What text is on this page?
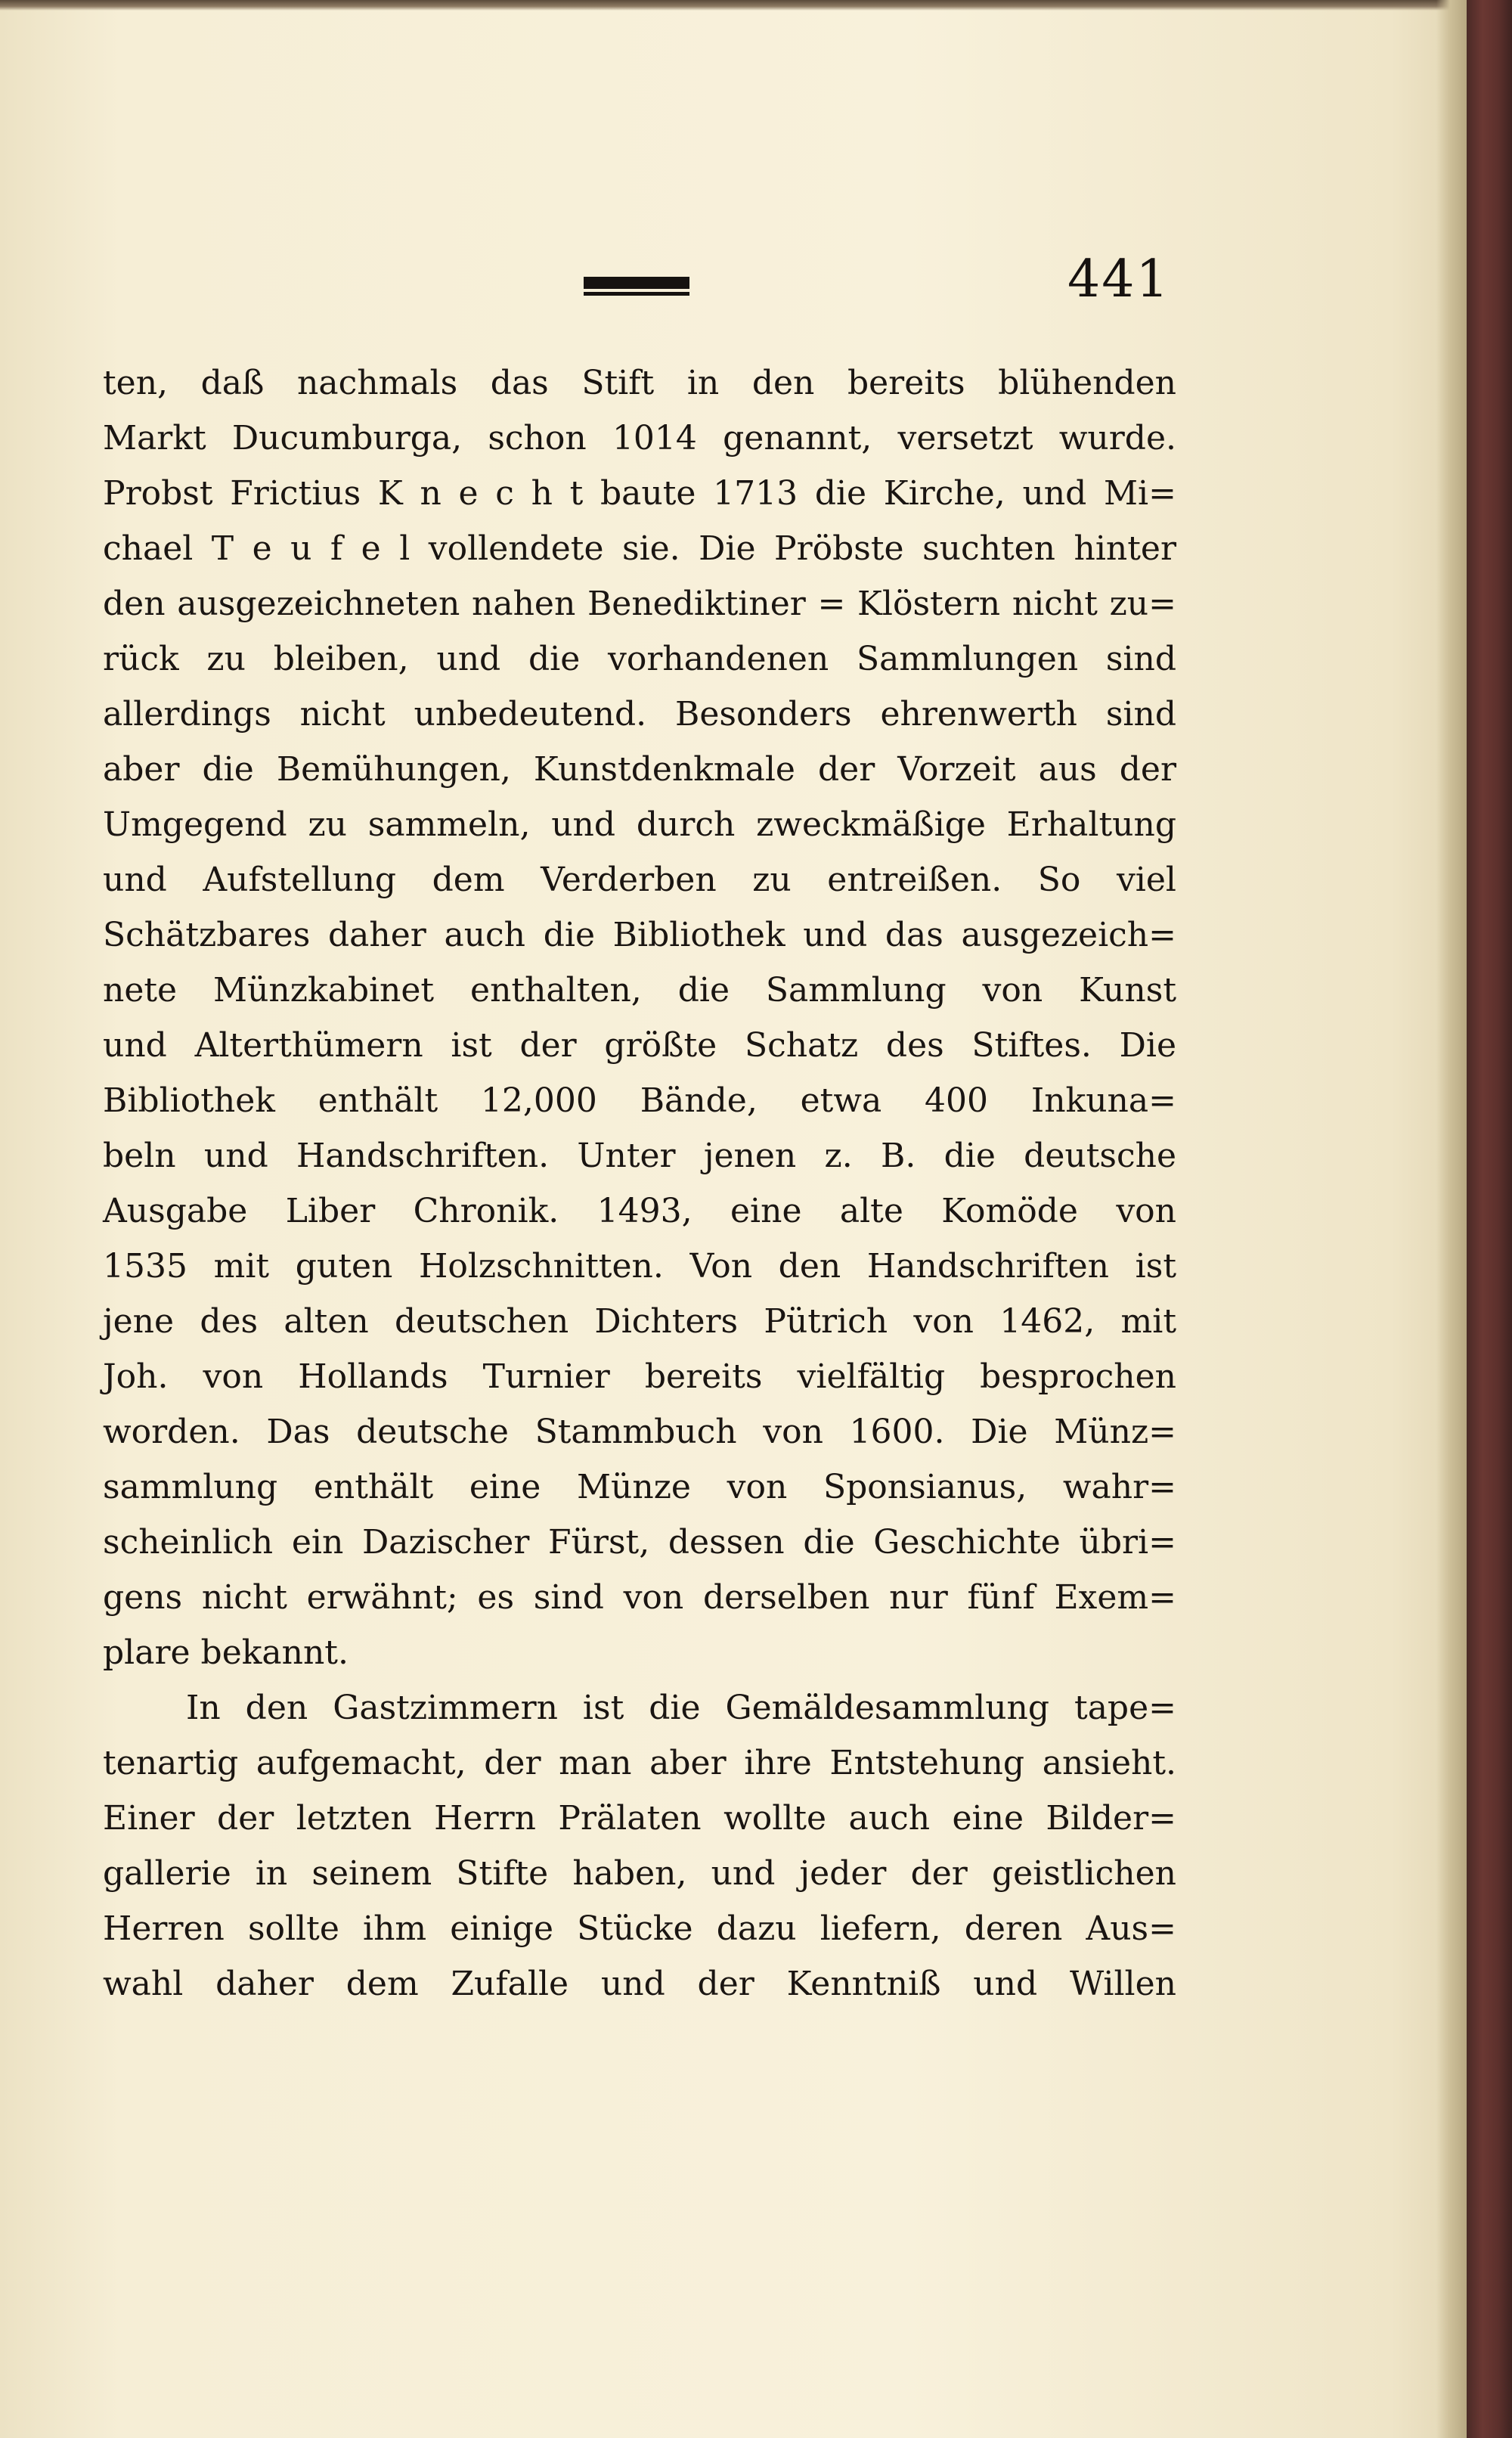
441
ten, daß nachmals das Stift in den bereits blühenden
Markt Ducumburga, schon 1014 genannt, versetzt wurde.
Probst Frictius K n e c h t baute 1713 die Kirche, und Mi=
chael T e u f e l vollendete sie. Die Pröbste suchten hinter
den ausgezeichneten nahen Benediktiner = Klöstern nicht zu=
rück zu bleiben, und die vorhandenen Sammlungen sind
allerdings nicht unbedeutend. Besonders ehrenwerth sind
aber die Bemühungen, Kunstdenkmale der Vorzeit aus der
Umgegend zu sammeln, und durch zweckmäßige Erhaltung
und Aufstellung dem Verderben zu entreißen. So viel
Schätzbares daher auch die Bibliothek und das ausgezeich=
nete Münzkabinet enthalten, die Sammlung von Kunst
und Alterthümern ist der größte Schatz des Stiftes. Die
Bibliothek enthält 12,000 Bände, etwa 400 Inkuna=
beln und Handschriften. Unter jenen z. B. die deutsche
Ausgabe Liber Chronik. 1493, eine alte Komöde von
1535 mit guten Holzschnitten. Von den Handschriften ist
jene des alten deutschen Dichters Pütrich von 1462, mit
Joh. von Hollands Turnier bereits vielfältig besprochen
worden. Das deutsche Stammbuch von 1600. Die Münz=
sammlung enthält eine Münze von Sponsianus, wahr=
scheinlich ein Dazischer Fürst, dessen die Geschichte übri=
gens nicht erwähnt; es sind von derselben nur fünf Exem=
plare bekannt.
In den Gastzimmern ist die Gemäldesammlung tape=
tenartig aufgemacht, der man aber ihre Entstehung ansieht.
Einer der letzten Herrn Prälaten wollte auch eine Bilder=
gallerie in seinem Stifte haben, und jeder der geistlichen
Herren sollte ihm einige Stücke dazu liefern, deren Aus=
wahl daher dem Zufalle und der Kenntniß und Willen
